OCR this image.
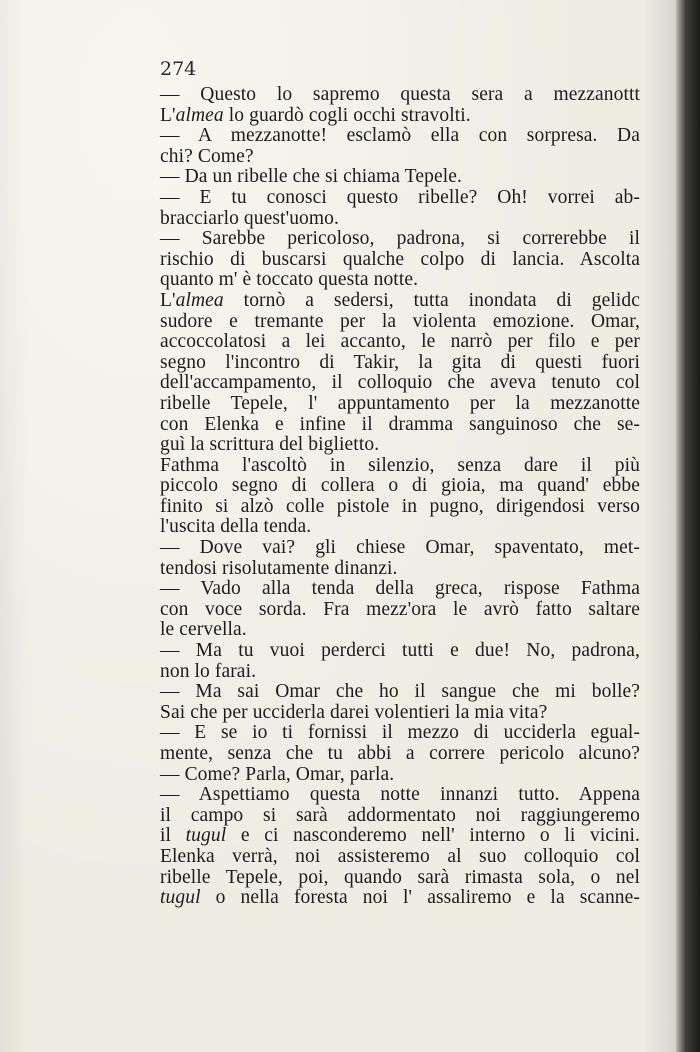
274
— Questo lo sapremo questa sera a mezzanottt
L'almea lo guardò cogli occhi stravolti.
— A mezzanotte! esclamò ella con sorpresa. Da
chi? Come?
— Da un ribelle che si chiama Tepele.
— E tu conosci questo ribelle? Oh! vorrei ab-
bracciarlo quest'uomo.
— Sarebbe pericoloso, padrona, si correrebbe il
rischio di buscarsi qualche colpo di lancia. Ascolta
quanto m' è toccato questa notte.
L'almea tornò a sedersi, tutta inondata di gelidc
sudore e tremante per la violenta emozione. Omar,
accoccolatosi a lei accanto, le narrò per filo e per
segno l'incontro di Takir, la gita di questi fuori
dell'accampamento, il colloquio che aveva tenuto col
ribelle Tepele, l' appuntamento per la mezzanotte
con Elenka e infine il dramma sanguinoso che se-
guì la scrittura del biglietto.
Fathma l'ascoltò in silenzio, senza dare il più
piccolo segno di collera o di gioia, ma quand' ebbe
finito si alzò colle pistole in pugno, dirigendosi verso
l'uscita della tenda.
— Dove vai? gli chiese Omar, spaventato, met-
tendosi risolutamente dinanzi.
— Vado alla tenda della greca, rispose Fathma
con voce sorda. Fra mezz'ora le avrò fatto saltare
le cervella.
— Ma tu vuoi perderci tutti e due! No, padrona,
non lo farai.
— Ma sai Omar che ho il sangue che mi bolle?
Sai che per ucciderla darei volentieri la mia vita?
— E se io ti fornissi il mezzo di ucciderla egual-
mente, senza che tu abbi a correre pericolo alcuno?
— Come? Parla, Omar, parla.
— Aspettiamo questa notte innanzi tutto. Appena
il campo si sarà addormentato noi raggiungeremo
il tugul e ci nasconderemo nell' interno o li vicini.
Elenka verrà, noi assisteremo al suo colloquio col
ribelle Tepele, poi, quando sarà rimasta sola, o nel
tugul o nella foresta noi l' assaliremo e la scanne-
